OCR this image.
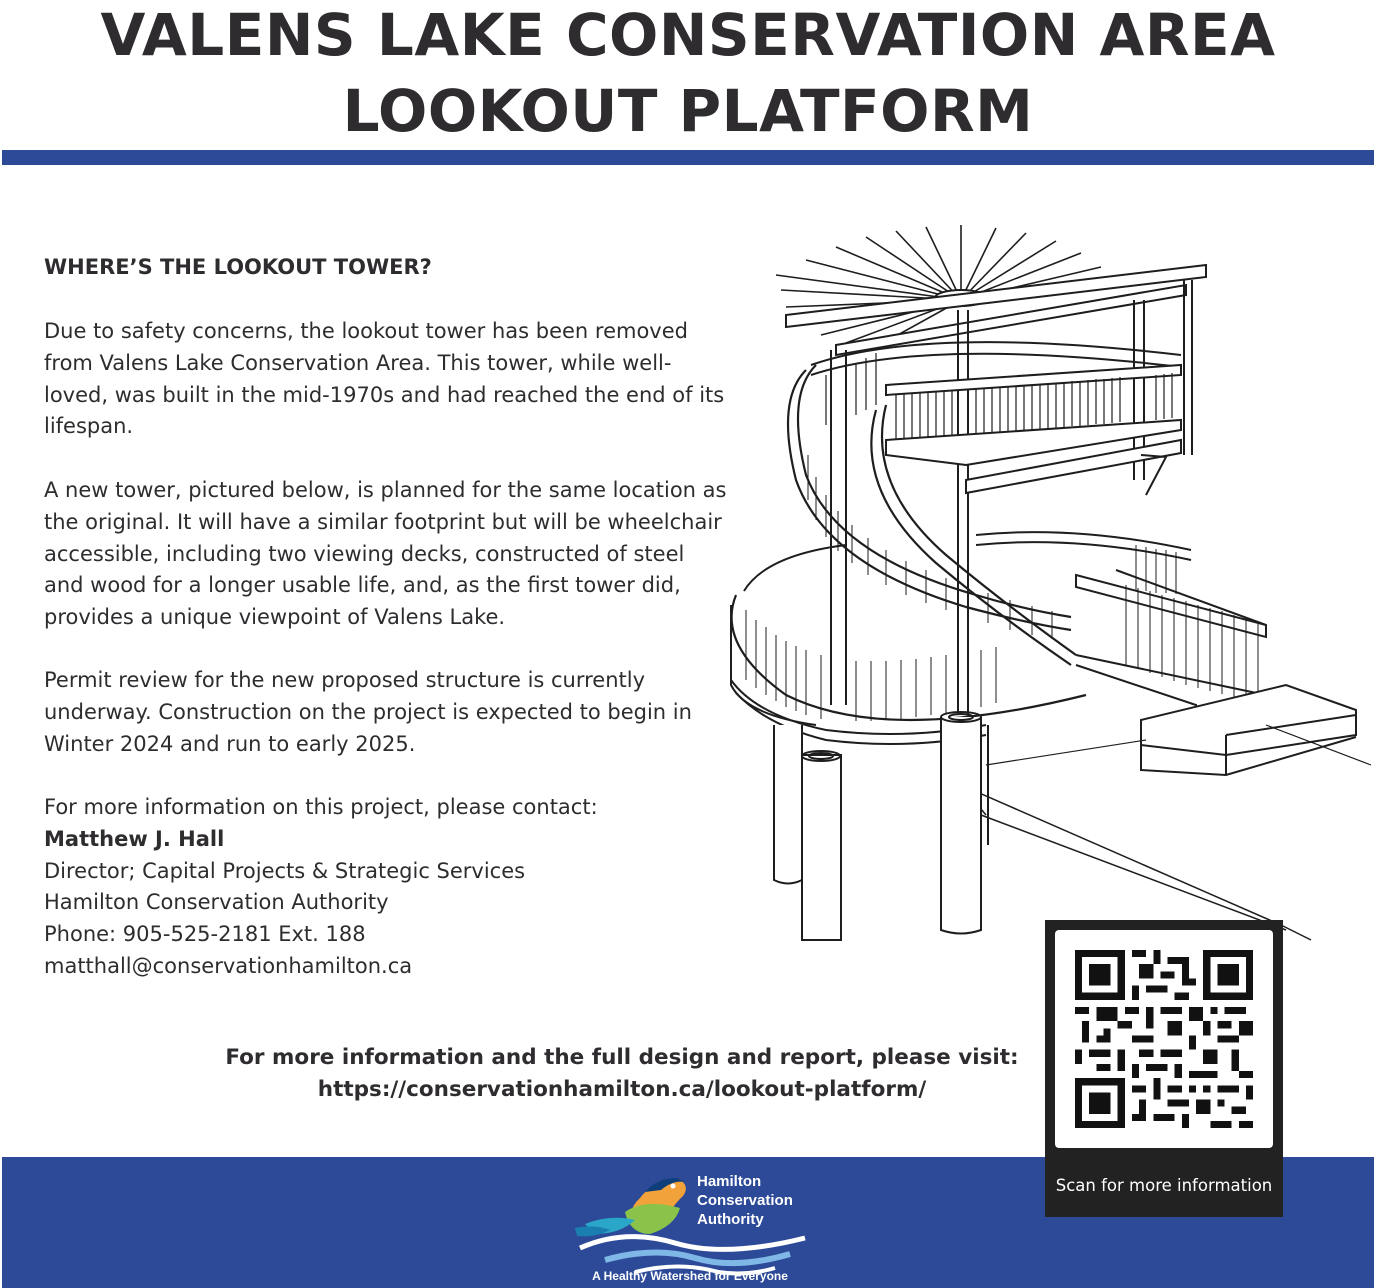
VALENS LAKE CONSERVATION AREA
LOOKOUT PLATFORM
WHERE’S THE LOOKOUT TOWER?

Due to safety concerns, the lookout tower has been removed
from Valens Lake Conservation Area. This tower, while well-
loved, was built in the mid-1970s and had reached the end of its
lifespan.

A new tower, pictured below, is planned for the same location as
the original. It will have a similar footprint but will be wheelchair
accessible, including two viewing decks, constructed of steel
and wood for a longer usable life, and, as the first tower did,
provides a unique viewpoint of Valens Lake.

Permit review for the new proposed structure is currently
underway. Construction on the project is expected to begin in
Winter 2024 and run to early 2025.

For more information on this project, please contact:
Matthew J. Hall
Director; Capital Projects & Strategic Services
Hamilton Conservation Authority
Phone: 905-525-2181 Ext. 188
matthall@conservationhamilton.ca

For more information and the full design and report, please visit:
https://conservationhamilton.ca/lookout-platform/
Hamilton
Conservation
Authority
A Healthy Watershed for Everyone
Scan for more information
